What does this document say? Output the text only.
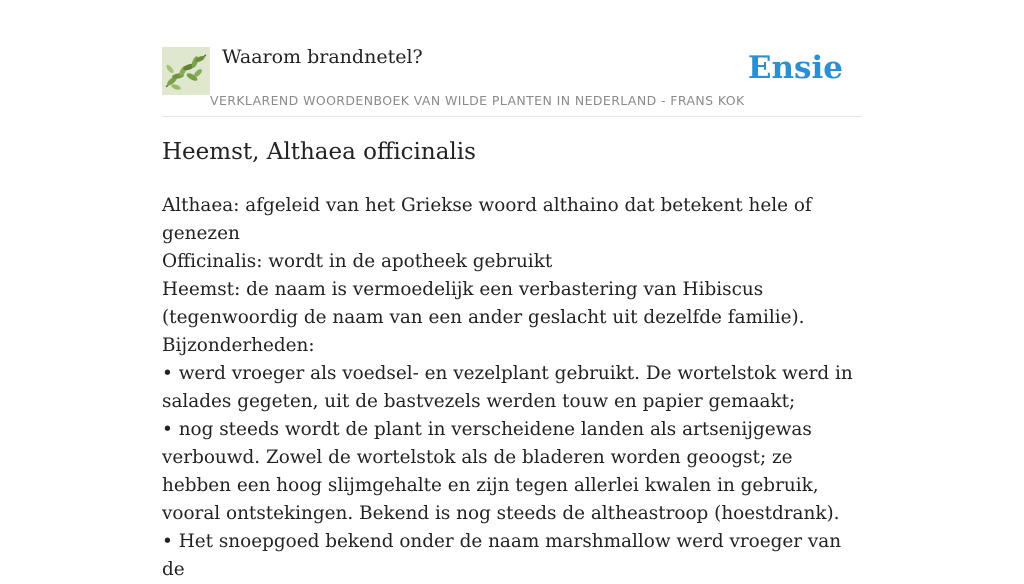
Waarom brandnetel?
VERKLAREND WOORDENBOEK VAN WILDE PLANTEN IN NEDERLAND - FRANS KOK
Ensie
Heemst, Althaea officinalis

Althaea: afgeleid van het Griekse woord althaino dat betekent hele of genezen

Officinalis: wordt in de apotheek gebruikt

Heemst: de naam is vermoedelijk een verbastering van Hibiscus (tegenwoordig de naam van een ander geslacht uit dezelfde familie).

Bijzonderheden:

• werd vroeger als voedsel- en vezelplant gebruikt. De wortelstok werd in salades gegeten, uit de bastvezels werden touw en papier gemaakt;

• nog steeds wordt de plant in verscheidene landen als artsenijgewas verbouwd. Zowel de wortelstok als de bladeren worden geoogst; ze hebben een hoog slijmgehalte en zijn tegen allerlei kwalen in gebruik, vooral ontstekingen. Bekend is nog steeds de altheastroop (hoestdrank).

• Het snoepgoed bekend onder de naam marshmallow werd vroeger van de
